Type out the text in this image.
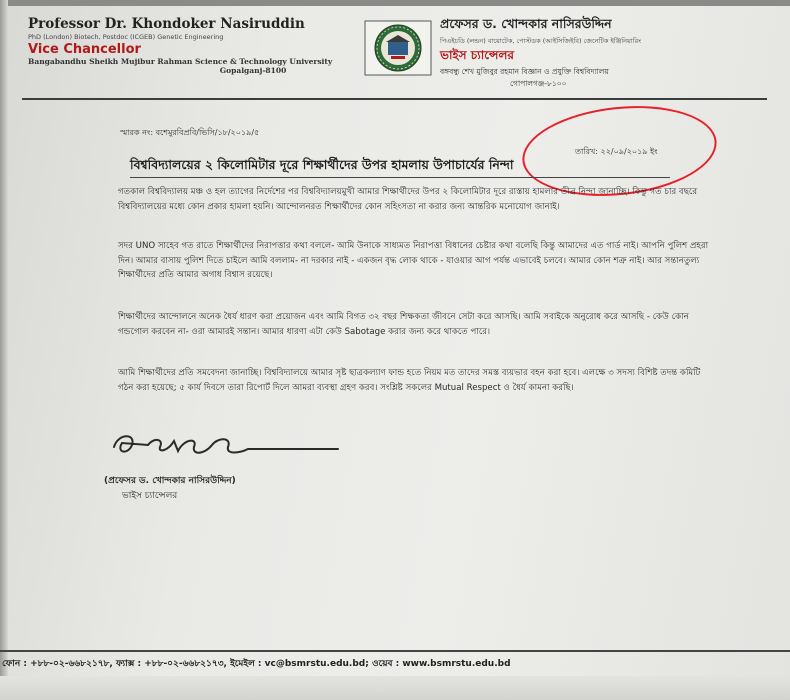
Professor Dr. Khondoker Nasiruddin
PhD (London) Biotech, Postdoc (ICGEB) Genetic Engineering
Vice Chancellor
Bangabandhu Sheikh Mujibur Rahman Science & Technology University
Gopalganj-8100
প্রফেসর ড. খোন্দকার নাসিরউদ্দিন
পিএইচডি (লন্ডন) বায়োটেক, পোস্টডক (আইসিজিইবি) জেনেটিক ইঞ্জিনিয়ারিং
ভাইস চ্যান্সেলর
বঙ্গবন্ধু শেখ মুজিবুর রহমান বিজ্ঞান ও প্রযুক্তি বিশ্ববিদ্যালয়
গোপালগঞ্জ-৮১০০
স্মারক নং: বশেমুরবিপ্রবি/ভিসি/১৮/২০১৯/৫
তারিখ: ২২/০৯/২০১৯ ইং
বিশ্ববিদ্যালয়ের ২ কিলোমিটার দূরে শিক্ষার্থীদের উপর হামলায় উপাচার্যের নিন্দা
গতকাল বিশ্ববিদ্যালয় মঞ্চ ও হল ত্যাগের নির্দেশের পর বিশ্ববিদ্যালয়মুখী আমার শিক্ষার্থীদের উপর ২ কিলোমিটার দূরে রাস্তায় হামলার তীব্র নিন্দা জানাচ্ছি। কিন্তু গত চার বছরে বিশ্ববিদ্যালয়ের মধ্যে কোন প্রকার হামলা হয়নি। আন্দোলনরত শিক্ষার্থীদের কোন সহিংসতা না করার জন্য আন্তরিক মনোযোগ জানাই।
সদর UNO সাহেব গত রাতে শিক্ষার্থীদের নিরাপত্তার কথা বললে- আমি উনাকে সাধ্যমত নিরাপত্তা বিধানের চেষ্টার কথা বলেছি কিন্তু আমাদের এত গার্ড নাই। আপনি পুলিশ প্রহরা দিন। আমার বাসায় পুলিশ দিতে চাইলে আমি বললাম- না দরকার নাই - একজন বৃদ্ধ লোক থাকে - যাওয়ার আগ পর্যন্ত এভাবেই চলবে। আমার কোন শত্রু নাই। আর সন্তানতুল্য শিক্ষার্থীদের প্রতি আমার অগাধ বিশ্বাস রয়েছে।
শিক্ষার্থীদের আন্দোলনে অনেক ধৈর্য ধারণ করা প্রয়োজন এবং আমি বিগত ৩২ বছর শিক্ষকতা জীবনে সেটা করে আসছি। আমি সবাইকে অনুরোধ করে আসছি - কেউ কোন গন্ডগোল করবেন না- ওরা আমারই সন্তান। আমার ধারণা এটা কেউ Sabotage করার জন্য করে থাকতে পারে।
আমি শিক্ষার্থীদের প্রতি সমবেদনা জানাচ্ছি। বিশ্ববিদ্যালয়ে আমার সৃষ্ট ছাত্রকল্যাণ ফান্ড হতে নিয়ম মত তাদের সমস্ত ব্যয়ভার বহন করা হবে। এলক্ষে ৩ সদস্য বিশিষ্ট তদন্ত কমিটি গঠন করা হয়েছে; ৫ কার্য দিবসে তারা রিপোর্ট দিলে আমরা ব্যবস্থা গ্রহণ করব। সংশ্লিষ্ট সকলের Mutual Respect ও ধৈর্য কামনা করছি।
(প্রফেসর ড. খোন্দকার নাসিরউদ্দিন)
ভাইস চ্যান্সেলর
ফোন : +৮৮-০২-৬৬৮২১৭৮, ফ্যাক্স : +৮৮-০২-৬৬৮২১৭৩, ইমেইল : vc@bsmrstu.edu.bd; ওয়েব : www.bsmrstu.edu.bd
